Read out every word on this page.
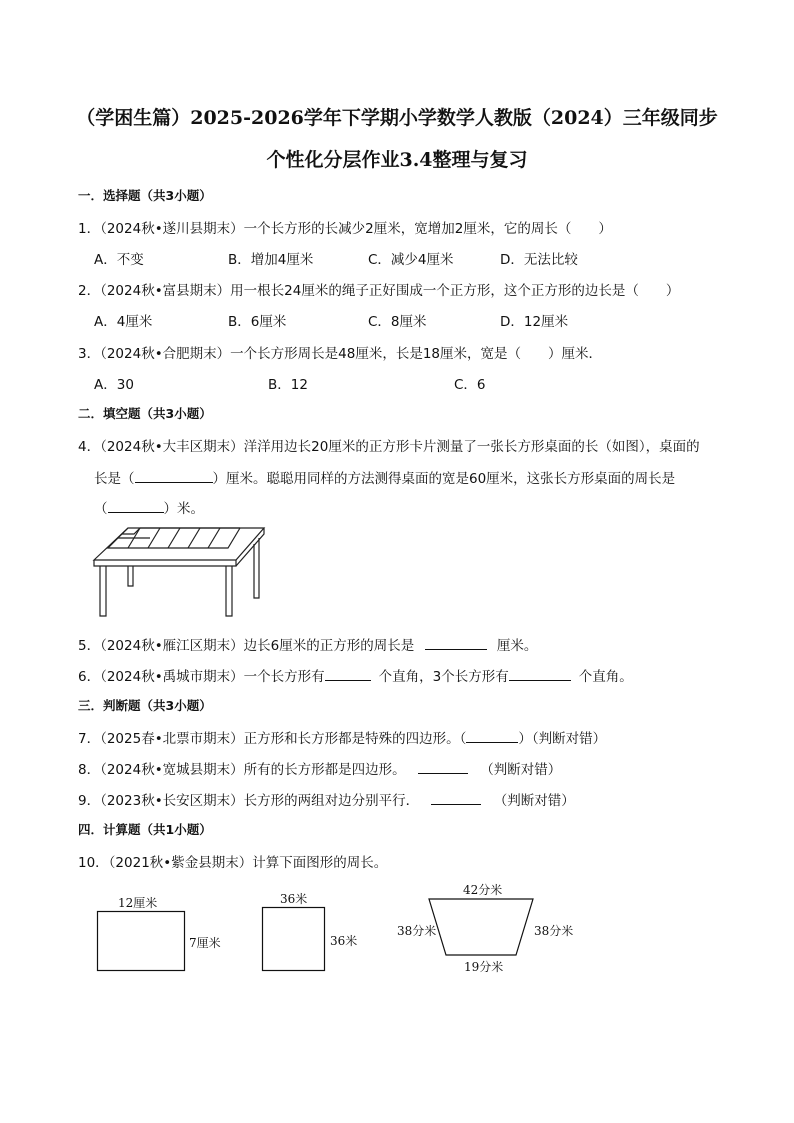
（学困生篇）2025-2026学年下学期小学数学人教版（2024）三年级同步
个性化分层作业3.4整理与复习
一．选择题（共3小题）
1．（2024秋•遂川县期末）一个长方形的长减少2厘米，宽增加2厘米，它的周长（　　）
A．不变	B．增加4厘米	C．减少4厘米	D．无法比较
2．（2024秋•富县期末）用一根长24厘米的绳子正好围成一个正方形，这个正方形的边长是（　　）
A．4厘米	B．6厘米	C．8厘米	D．12厘米
3．（2024秋•合肥期末）一个长方形周长是48厘米，长是18厘米，宽是（　　）厘米．
A．30	B．12	C．6
二．填空题（共3小题）
4．（2024秋•大丰区期末）洋洋用边长20厘米的正方形卡片测量了一张长方形桌面的长（如图），桌面的
长是（	）厘米。聪聪用同样的方法测得桌面的宽是60厘米，这张长方形桌面的周长是
（	）米。
5．（2024秋•雁江区期末）边长6厘米的正方形的周长是	厘米。
6．（2024秋•禹城市期末）一个长方形有	个直角，3个长方形有	个直角。
三．判断题（共3小题）
7．（2025春•北票市期末）正方形和长方形都是特殊的四边形。（	）（判断对错）
8．（2024秋•宽城县期末）所有的长方形都是四边形。	（判断对错）
9．（2023秋•长安区期末）长方形的两组对边分别平行．	（判断对错）
四．计算题（共1小题）
10．（2021秋•紫金县期末）计算下面图形的周长。
12厘米
7厘米
36米
36米
42分米
38分米	38分米
19分米
